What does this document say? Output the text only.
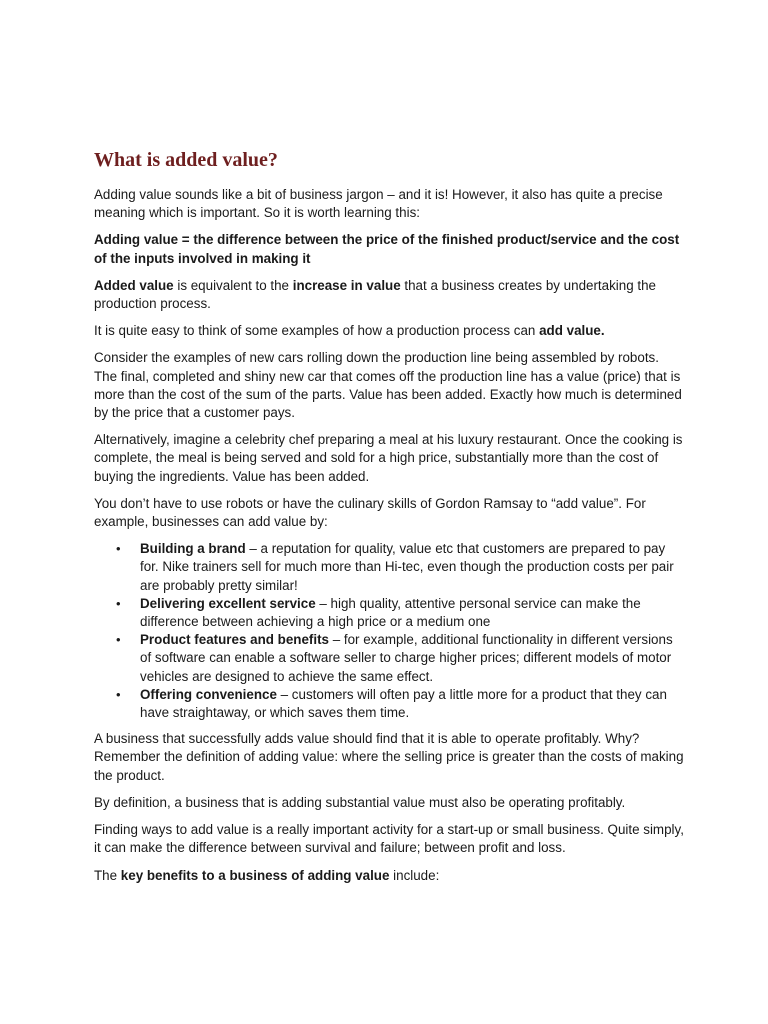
What is added value?

Adding value sounds like a bit of business jargon – and it is! However, it also has quite a precise meaning which is important. So it is worth learning this:

Adding value = the difference between the price of the finished product/service and the cost of the inputs involved in making it

Added value is equivalent to the increase in value that a business creates by undertaking the production process.

It is quite easy to think of some examples of how a production process can add value.

Consider the examples of new cars rolling down the production line being assembled by robots. The final, completed and shiny new car that comes off the production line has a value (price) that is more than the cost of the sum of the parts. Value has been added. Exactly how much is determined by the price that a customer pays.

Alternatively, imagine a celebrity chef preparing a meal at his luxury restaurant. Once the cooking is complete, the meal is being served and sold for a high price, substantially more than the cost of buying the ingredients. Value has been added.

You don’t have to use robots or have the culinary skills of Gordon Ramsay to “add value”. For example, businesses can add value by:

• Building a brand – a reputation for quality, value etc that customers are prepared to pay for. Nike trainers sell for much more than Hi-tec, even though the production costs per pair are probably pretty similar!
• Delivering excellent service – high quality, attentive personal service can make the difference between achieving a high price or a medium one
• Product features and benefits – for example, additional functionality in different versions of software can enable a software seller to charge higher prices; different models of motor vehicles are designed to achieve the same effect.
• Offering convenience – customers will often pay a little more for a product that they can have straightaway, or which saves them time.

A business that successfully adds value should find that it is able to operate profitably. Why? Remember the definition of adding value: where the selling price is greater than the costs of making the product.

By definition, a business that is adding substantial value must also be operating profitably.

Finding ways to add value is a really important activity for a start-up or small business. Quite simply, it can make the difference between survival and failure; between profit and loss.

The key benefits to a business of adding value include:
